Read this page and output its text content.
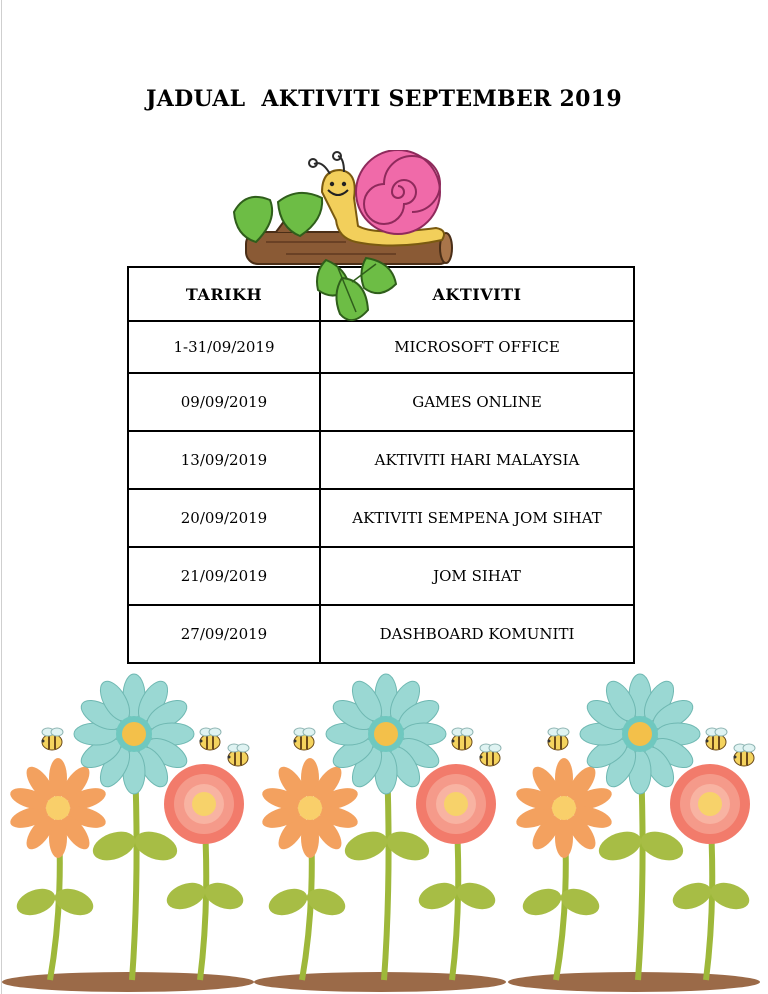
JADUAL  AKTIVITI SEPTEMBER 2019
TARIKH	AKTIVITI
1-31/09/2019	MICROSOFT OFFICE
09/09/2019	GAMES ONLINE
13/09/2019	AKTIVITI HARI MALAYSIA
20/09/2019	AKTIVITI SEMPENA JOM SIHAT
21/09/2019	JOM SIHAT
27/09/2019	DASHBOARD KOMUNITI
